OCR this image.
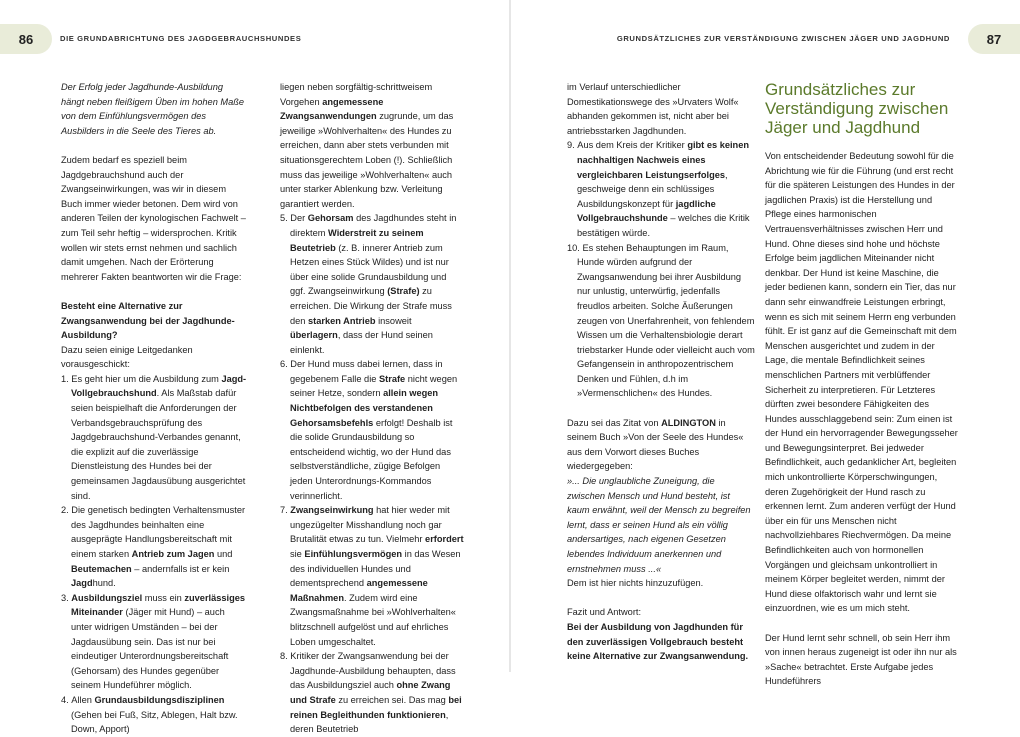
86	DIE GRUNDABRICHTUNG DES JAGDGEBRAUCHSHUNDES

Der Erfolg jeder Jagdhunde-Ausbildung hängt neben fleißigem Üben im hohen Maße von dem Einfühlungsvermögen des Ausbilders in die Seele des Tieres ab.

Zudem bedarf es speziell beim Jagdgebrauchshund auch der Zwangseinwirkungen, was wir in diesem Buch immer wieder betonen. Dem wird von anderen Teilen der kynologischen Fachwelt – zum Teil sehr heftig – widersprochen. Kritik wollen wir stets ernst nehmen und sachlich damit umgehen. Nach der Erörterung mehrerer Fakten beantworten wir die Frage:

Besteht eine Alternative zur Zwangsanwendung bei der Jagdhunde-Ausbildung?

Dazu seien einige Leitgedanken vorausgeschickt:

1. Es geht hier um die Ausbildung zum Jagd-Vollgebrauchshund. Als Maßstab dafür seien beispielhaft die Anforderungen der Verbandsgebrauchsprüfung des Jagdgebrauchshund-Verbandes genannt, die explizit auf die zuverlässige Dienstleistung des Hundes bei der gemeinsamen Jagdausübung ausgerichtet sind.
2. Die genetisch bedingten Verhaltensmuster des Jagdhundes beinhalten eine ausgeprägte Handlungsbereitschaft mit einem starken Antrieb zum Jagen und Beutemachen – andernfalls ist er kein Jagdhund.
3. Ausbildungsziel muss ein zuverlässiges Miteinander (Jäger mit Hund) – auch unter widrigen Umständen – bei der Jagdausübung sein. Das ist nur bei eindeutiger Unterordnungsbereitschaft (Gehorsam) des Hundes gegenüber seinem Hundeführer möglich.
4. Allen Grundausbildungsdisziplinen (Gehen bei Fuß, Sitz, Ablegen, Halt bzw. Down, Apport)

liegen neben sorgfältig-schrittweisem Vorgehen angemessene Zwangsanwendungen zugrunde, um das jeweilige »Wohlverhalten« des Hundes zu erreichen, dann aber stets verbunden mit situationsgerechtem Loben (!). Schließlich muss das jeweilige »Wohlverhalten« auch unter starker Ablenkung bzw. Verleitung garantiert werden.

5. Der Gehorsam des Jagdhundes steht in direktem Widerstreit zu seinem Beutetrieb (z. B. innerer Antrieb zum Hetzen eines Stück Wildes) und ist nur über eine solide Grundausbildung und ggf. Zwangseinwirkung (Strafe) zu erreichen. Die Wirkung der Strafe muss den starken Antrieb insoweit überlagern, dass der Hund seinen einlenkt.
6. Der Hund muss dabei lernen, dass in gegebenem Falle die Strafe nicht wegen seiner Hetze, sondern allein wegen Nichtbefolgen des verstandenen Gehorsamsbefehls erfolgt! Deshalb ist die solide Grundausbildung so entscheidend wichtig, wo der Hund das selbstverständliche, zügige Befolgen jeden Unterordnungs-Kommandos verinnerlicht.
7. Zwangseinwirkung hat hier weder mit ungezügelter Misshandlung noch gar Brutalität etwas zu tun. Vielmehr erfordert sie Einfühlungsvermögen in das Wesen des individuellen Hundes und dementsprechend angemessene Maßnahmen. Zudem wird eine Zwangsmaßnahme bei »Wohlverhalten« blitzschnell aufgelöst und auf ehrliches Loben umgeschaltet.
8. Kritiker der Zwangsanwendung bei der Jagdhunde-Ausbildung behaupten, dass das Ausbildungsziel auch ohne Zwang und Strafe zu erreichen sei. Das mag bei reinen Begleithunden funktionieren, deren Beutetrieb
GRUNDSÄTZLICHES ZUR VERSTÄNDIGUNG ZWISCHEN JÄGER UND JAGDHUND	87

im Verlauf unterschiedlicher Domestikationswege des »Urvaters Wolf« abhanden gekommen ist, nicht aber bei antriebsstarken Jagdhunden.

9. Aus dem Kreis der Kritiker gibt es keinen nachhaltigen Nachweis eines vergleichbaren Leistungserfolges, geschweige denn ein schlüssiges Ausbildungskonzept für jagdliche Vollgebrauchshunde – welches die Kritik bestätigen würde.

10. Es stehen Behauptungen im Raum, Hunde würden aufgrund der Zwangsanwendung bei ihrer Ausbildung nur unlustig, unterwürfig, jedenfalls freudlos arbeiten. Solche Äußerungen zeugen von Unerfahrenheit, von fehlendem Wissen um die Verhaltensbiologie derart triebstarker Hunde oder vielleicht auch vom Gefangensein in anthropozentrischem Denken und Fühlen, d.h im »Vermenschlichen« des Hundes.

Dazu sei das Zitat von ALDINGTON in seinem Buch »Von der Seele des Hundes« aus dem Vorwort dieses Buches wiedergegeben:

»... Die unglaubliche Zuneigung, die zwischen Mensch und Hund besteht, ist kaum erwähnt, weil der Mensch zu begreifen lernt, dass er seinen Hund als ein völlig andersartiges, nach eigenen Gesetzen lebendes Individuum anerkennen und ernstnehmen muss ...«

Dem ist hier nichts hinzuzufügen.

Fazit und Antwort:

Bei der Ausbildung von Jagdhunden für den zuverlässigen Vollgebrauch besteht keine Alternative zur Zwangsanwendung.

Grundsätzliches zur Verständigung zwischen Jäger und Jagdhund

Von entscheidender Bedeutung sowohl für die Abrichtung wie für die Führung (und erst recht für die späteren Leistungen des Hundes in der jagdlichen Praxis) ist die Herstellung und Pflege eines harmonischen Vertrauensverhältnisses zwischen Herr und Hund. Ohne dieses sind hohe und höchste Erfolge beim jagdlichen Miteinander nicht denkbar. Der Hund ist keine Maschine, die jeder bedienen kann, sondern ein Tier, das nur dann sehr einwandfreie Leistungen erbringt, wenn es sich mit seinem Herrn eng verbunden fühlt. Er ist ganz auf die Gemeinschaft mit dem Menschen ausgerichtet und zudem in der Lage, die mentale Befindlichkeit seines menschlichen Partners mit verblüffender Sicherheit zu interpretieren. Für Letzteres dürften zwei besondere Fähigkeiten des Hundes ausschlaggebend sein: Zum einen ist der Hund ein hervorragender Bewegungsseher und Bewegungsinterpret. Bei jedweder Befindlichkeit, auch gedanklicher Art, begleiten mich unkontrollierte Körperschwingungen, deren Zugehörigkeit der Hund rasch zu erkennen lernt. Zum anderen verfügt der Hund über ein für uns Menschen nicht nachvollziehbares Riechvermögen. Da meine Befindlichkeiten auch von hormonellen Vorgängen und gleichsam unkontrolliert in meinem Körper begleitet werden, nimmt der Hund diese olfaktorisch wahr und lernt sie einzuordnen, wie es um mich steht.

Der Hund lernt sehr schnell, ob sein Herr ihm von innen heraus zugeneigt ist oder ihn nur als »Sache« betrachtet. Erste Aufgabe jedes Hundeführers
